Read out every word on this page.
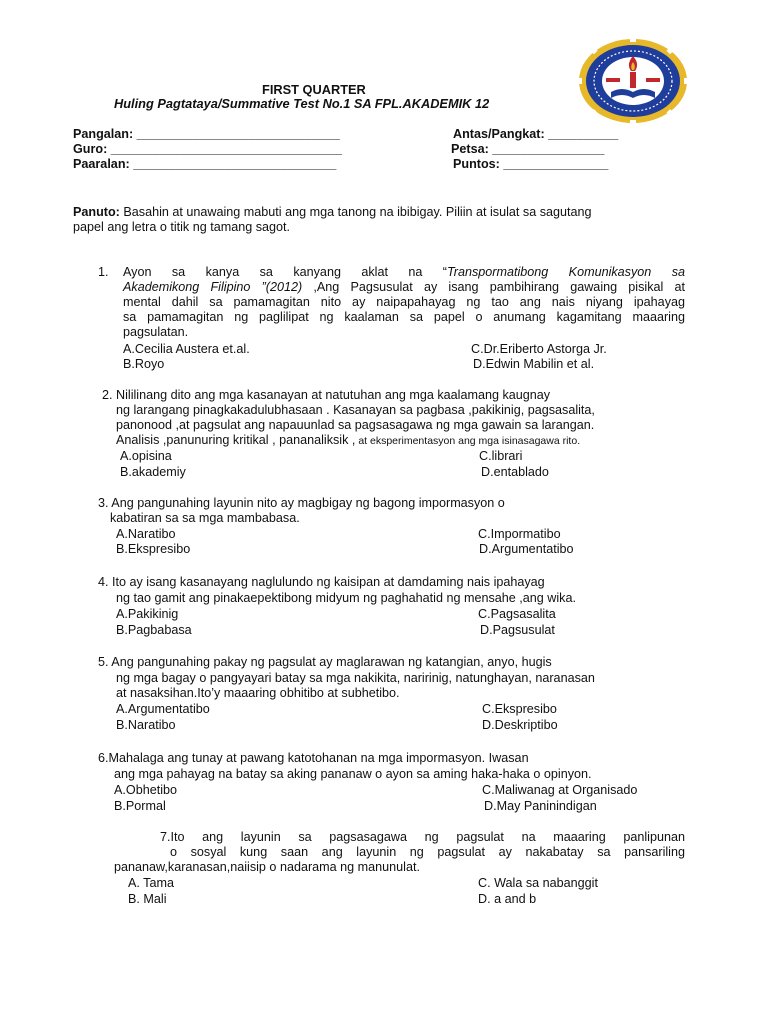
FIRST QUARTER
Huling Pagtataya/Summative Test No.1 SA FPL.AKADEMIK 12
Pangalan: _____________________________	Antas/Pangkat: __________
Guro: _________________________________	Petsa: ________________
Paaralan: _____________________________	Puntos: _______________
Panuto: Basahin at unawaing mabuti ang mga tanong na ibibigay. Piliin at isulat sa sagutang
papel ang letra o titik ng tamang sagot.
1. Ayon sa kanya sa kanyang aklat na “Transpormatibong Komunikasyon sa
Akademikong Filipino ”(2012) ,Ang Pagsusulat ay isang pambihirang gawaing pisikal at
mental dahil sa pamamagitan nito ay naipapahayag ng tao ang nais niyang ipahayag
sa pamamagitan ng paglilipat ng kaalaman sa papel o anumang kagamitang maaaring
pagsulatan.
A.Cecilia Austera et.al.
B.Royo
C.Dr.Eriberto Astorga Jr.
D.Edwin Mabilin et al.
2. Nililinang dito ang mga kasanayan at natutuhan ang mga kaalamang kaugnay
ng larangang pinagkakadulubhasaan . Kasanayan sa pagbasa ,pakikinig, pagsasalita,
panonood ,at pagsulat ang napauunlad sa pagsasagawa ng mga gawain sa larangan.
Analisis ,panunuring kritikal , pananaliksik , at eksperimentasyon ang mga isinasagawa rito.
A.opisina
B.akademiy
C.librari
D.entablado
3. Ang pangunahing layunin nito ay magbigay ng bagong impormasyon o
kabatiran sa sa mga mambabasa.
A.Naratibo
B.Ekspresibo
C.Impormatibo
D.Argumentatibo
4. Ito ay isang kasanayang naglulundo ng kaisipan at damdaming nais ipahayag
ng tao gamit ang pinakaepektibong midyum ng paghahatid ng mensahe ,ang wika.
A.Pakikinig
B.Pagbabasa
C.Pagsasalita
D.Pagsusulat
5. Ang pangunahing pakay ng pagsulat ay maglarawan ng katangian, anyo, hugis
ng mga bagay o pangyayari batay sa mga nakikita, naririnig, natunghayan, naranasan
at nasaksihan.Ito’y maaaring obhitibo at subhetibo.
A.Argumentatibo
B.Naratibo
C.Ekspresibo
D.Deskriptibo
6.Mahalaga ang tunay at pawang katotohanan na mga impormasyon. Iwasan
ang mga pahayag na batay sa aking pananaw o ayon sa aming haka-haka o opinyon.
A.Obhetibo
B.Pormal
C.Maliwanag at Organisado
D.May Paninindigan
7.Ito ang layunin sa pagsasagawa ng pagsulat na maaaring panlipunan
o sosyal kung saan ang layunin ng pagsulat ay nakabatay sa pansariling
pananaw,karanasan,naiisip o nadarama ng manunulat.
A. Tama
B. Mali
C. Wala sa nabanggit
D. a and b
